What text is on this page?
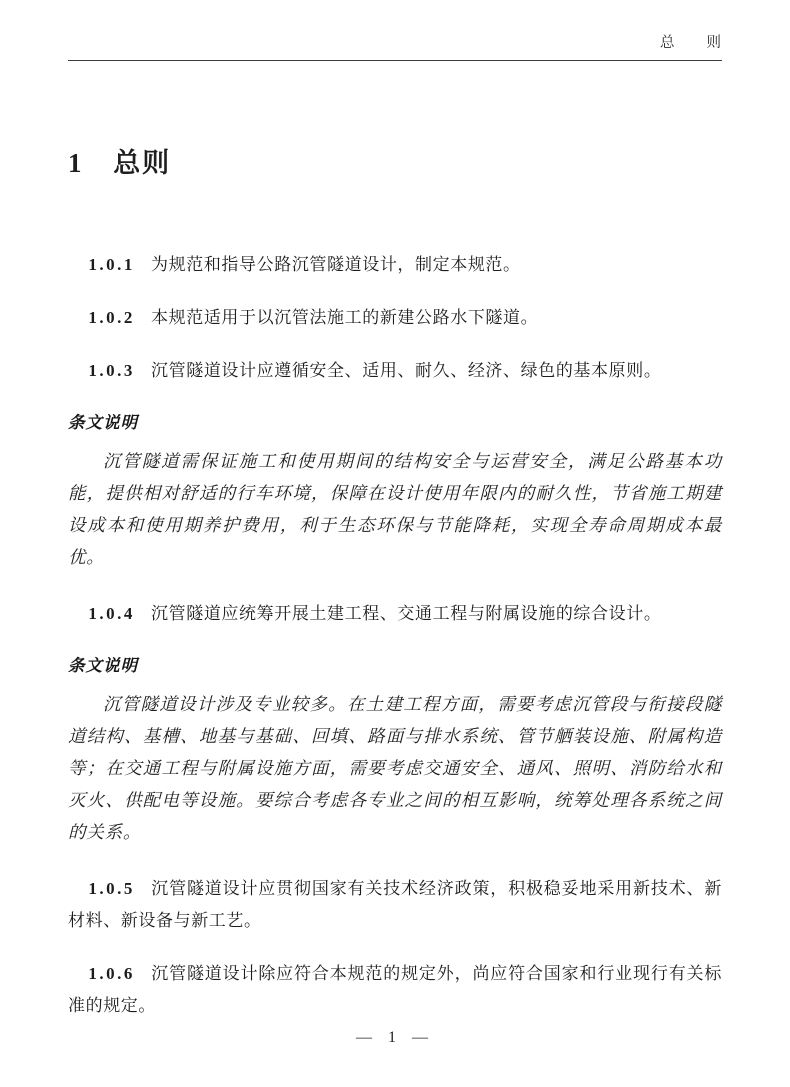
总　　则
1 总则

1.0.1 为规范和指导公路沉管隧道设计，制定本规范。

1.0.2 本规范适用于以沉管法施工的新建公路水下隧道。

1.0.3 沉管隧道设计应遵循安全、适用、耐久、经济、绿色的基本原则。

条文说明

沉管隧道需保证施工和使用期间的结构安全与运营安全，满足公路基本功能，提供相对舒适的行车环境，保障在设计使用年限内的耐久性，节省施工期建设成本和使用期养护费用，利于生态环保与节能降耗，实现全寿命周期成本最优。

1.0.4 沉管隧道应统筹开展土建工程、交通工程与附属设施的综合设计。

条文说明

沉管隧道设计涉及专业较多。在土建工程方面，需要考虑沉管段与衔接段隧道结构、基槽、地基与基础、回填、路面与排水系统、管节舾装设施、附属构造等；在交通工程与附属设施方面，需要考虑交通安全、通风、照明、消防给水和灭火、供配电等设施。要综合考虑各专业之间的相互影响，统筹处理各系统之间的关系。

1.0.5 沉管隧道设计应贯彻国家有关技术经济政策，积极稳妥地采用新技术、新材料、新设备与新工艺。

1.0.6 沉管隧道设计除应符合本规范的规定外，尚应符合国家和行业现行有关标准的规定。

— 1 —
